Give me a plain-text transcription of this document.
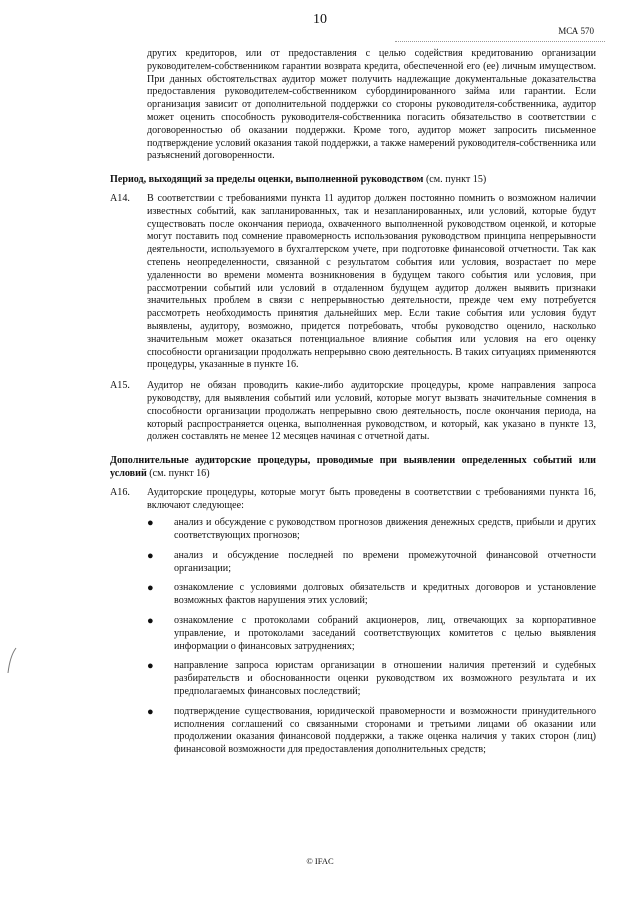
10
МСА 570

других кредиторов, или от предоставления с целью содействия кредитованию организации руководителем-собственником гарантии возврата кредита, обеспеченной его (ее) личным имуществом. При данных обстоятельствах аудитор может получить надлежащие документальные доказательства предоставления руководителем-собственником субординированного займа или гарантии. Если организация зависит от дополнительной поддержки со стороны руководителя-собственника, аудитор может оценить способность руководителя-собственника погасить обязательство в соответствии с договоренностью об оказании поддержки. Кроме того, аудитор может запросить письменное подтверждение условий оказания такой поддержки, а также намерений руководителя-собственника или разъяснений договоренности.

Период, выходящий за пределы оценки, выполненной руководством (см. пункт 15)

A14.	В соответствии с требованиями пункта 11 аудитор должен постоянно помнить о возможном наличии известных событий, как запланированных, так и незапланированных, или условий, которые будут существовать после окончания периода, охваченного выполненной руководством оценкой, и которые могут поставить под сомнение правомерность использования руководством принципа непрерывности деятельности, используемого в бухгалтерском учете, при подготовке финансовой отчетности. Так как степень неопределенности, связанной с результатом события или условия, возрастает по мере удаленности во времени момента возникновения в будущем такого события или условия, при рассмотрении событий или условий в отдаленном будущем аудитор должен выявить признаки значительных проблем в связи с непрерывностью деятельности, прежде чем ему потребуется рассмотреть необходимость принятия дальнейших мер. Если такие события или условия будут выявлены, аудитору, возможно, придется потребовать, чтобы руководство оценило, насколько значительным может оказаться потенциальное влияние события или условия на его оценку способности организации продолжать непрерывно свою деятельность. В таких ситуациях применяются процедуры, указанные в пункте 16.
A15.	Аудитор не обязан проводить какие-либо аудиторские процедуры, кроме направления запроса руководству, для выявления событий или условий, которые могут вызвать значительные сомнения в способности организации продолжать непрерывно свою деятельность, после окончания периода, на который распространяется оценка, выполненная руководством, и который, как указано в пункте 13, должен составлять не менее 12 месяцев начиная с отчетной даты.

Дополнительные аудиторские процедуры, проводимые при выявлении определенных событий или условий (см. пункт 16)

A16.	Аудиторские процедуры, которые могут быть проведены в соответствии с требованиями пункта 16, включают следующее:
●	анализ и обсуждение с руководством прогнозов движения денежных средств, прибыли и других соответствующих прогнозов;
●	анализ и обсуждение последней по времени промежуточной финансовой отчетности организации;
●	ознакомление с условиями долговых обязательств и кредитных договоров и установление возможных фактов нарушения этих условий;
●	ознакомление с протоколами собраний акционеров, лиц, отвечающих за корпоративное управление, и протоколами заседаний соответствующих комитетов с целью выявления информации о финансовых затруднениях;
●	направление запроса юристам организации в отношении наличия претензий и судебных разбирательств и обоснованности оценки руководством их возможного результата и их предполагаемых финансовых последствий;
●	подтверждение существования, юридической правомерности и возможности принудительного исполнения соглашений со связанными сторонами и третьими лицами об оказании или продолжении оказания финансовой поддержки, а также оценка наличия у таких сторон (лиц) финансовой возможности для предоставления дополнительных средств;
© IFAC
